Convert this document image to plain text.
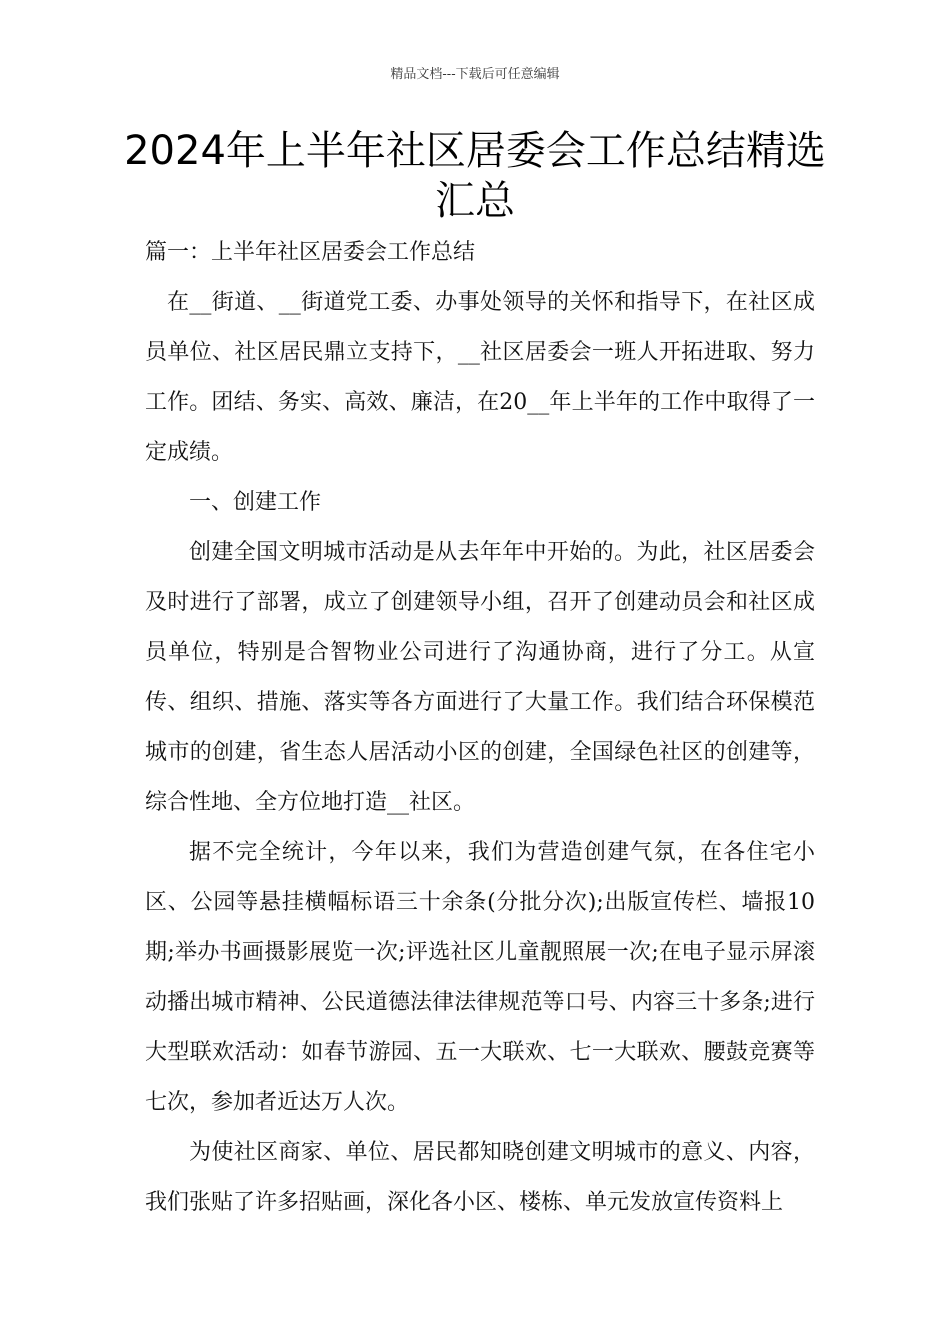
精品文档---下载后可任意编辑
2024年上半年社区居委会工作总结精选汇总

篇一：上半年社区居委会工作总结

在__街道、__街道党工委、办事处领导的关怀和指导下，在社区成员单位、社区居民鼎立支持下，__社区居委会一班人开拓进取、努力工作。团结、务实、高效、廉洁，在20__年上半年的工作中取得了一定成绩。

一、创建工作

创建全国文明城市活动是从去年年中开始的。为此，社区居委会及时进行了部署，成立了创建领导小组，召开了创建动员会和社区成员单位，特别是合智物业公司进行了沟通协商，进行了分工。从宣传、组织、措施、落实等各方面进行了大量工作。我们结合环保模范城市的创建，省生态人居活动小区的创建，全国绿色社区的创建等，综合性地、全方位地打造__社区。

据不完全统计，今年以来，我们为营造创建气氛，在各住宅小区、公园等悬挂横幅标语三十余条(分批分次);出版宣传栏、墙报10期;举办书画摄影展览一次;评选社区儿童靓照展一次;在电子显示屏滚动播出城市精神、公民道德法律法律规范等口号、内容三十多条;进行大型联欢活动：如春节游园、五一大联欢、七一大联欢、腰鼓竞赛等七次，参加者近达万人次。

为使社区商家、单位、居民都知晓创建文明城市的意义、内容，我们张贴了许多招贴画，深化各小区、楼栋、单元发放宣传资料上
